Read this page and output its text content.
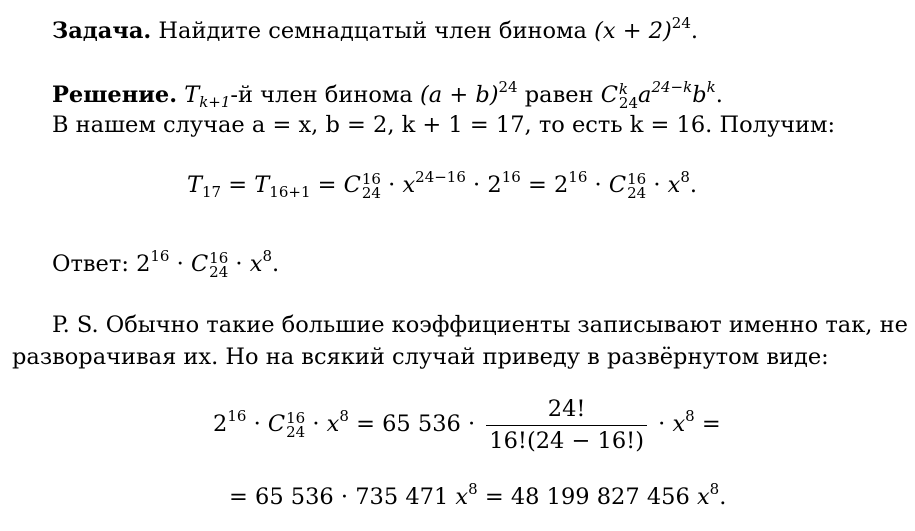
Задача. Найдите семнадцатый член бинома $(x + 2)^{24}$.
Решение. $T_{k+1}-й$ член бинома $(a + b)^{24}$ равен C k
24 $a^{24-k}b^k$.
В нашем случае a = x, b = 2, k + 1 = 17, то есть k = 16. Получим:
$T_{17} = T_{16+1} = C$ 16
$24 \cdot x^{24-16} \cdot 2^{16} = 2^{16} \cdot C$ 16
$24 \cdot x^8$.
Ответ: $2^{16} \cdot C$ 16
$24 \cdot x^8$.
P. S. Обычно такие большие коэффициенты записывают именно так, не
разворачивая их. Но на всякий случай приведу в развёрнутом виде:
$2^{16} \cdot C$ 16
$24 \cdot x^8 = 65$ $536 \cdot \frac{24!}{16!(24 - 16!)} \cdot x^8$ =
= 65 536 · 735 471 $x^8 = 48$ 199 827 456 $x^8$.
